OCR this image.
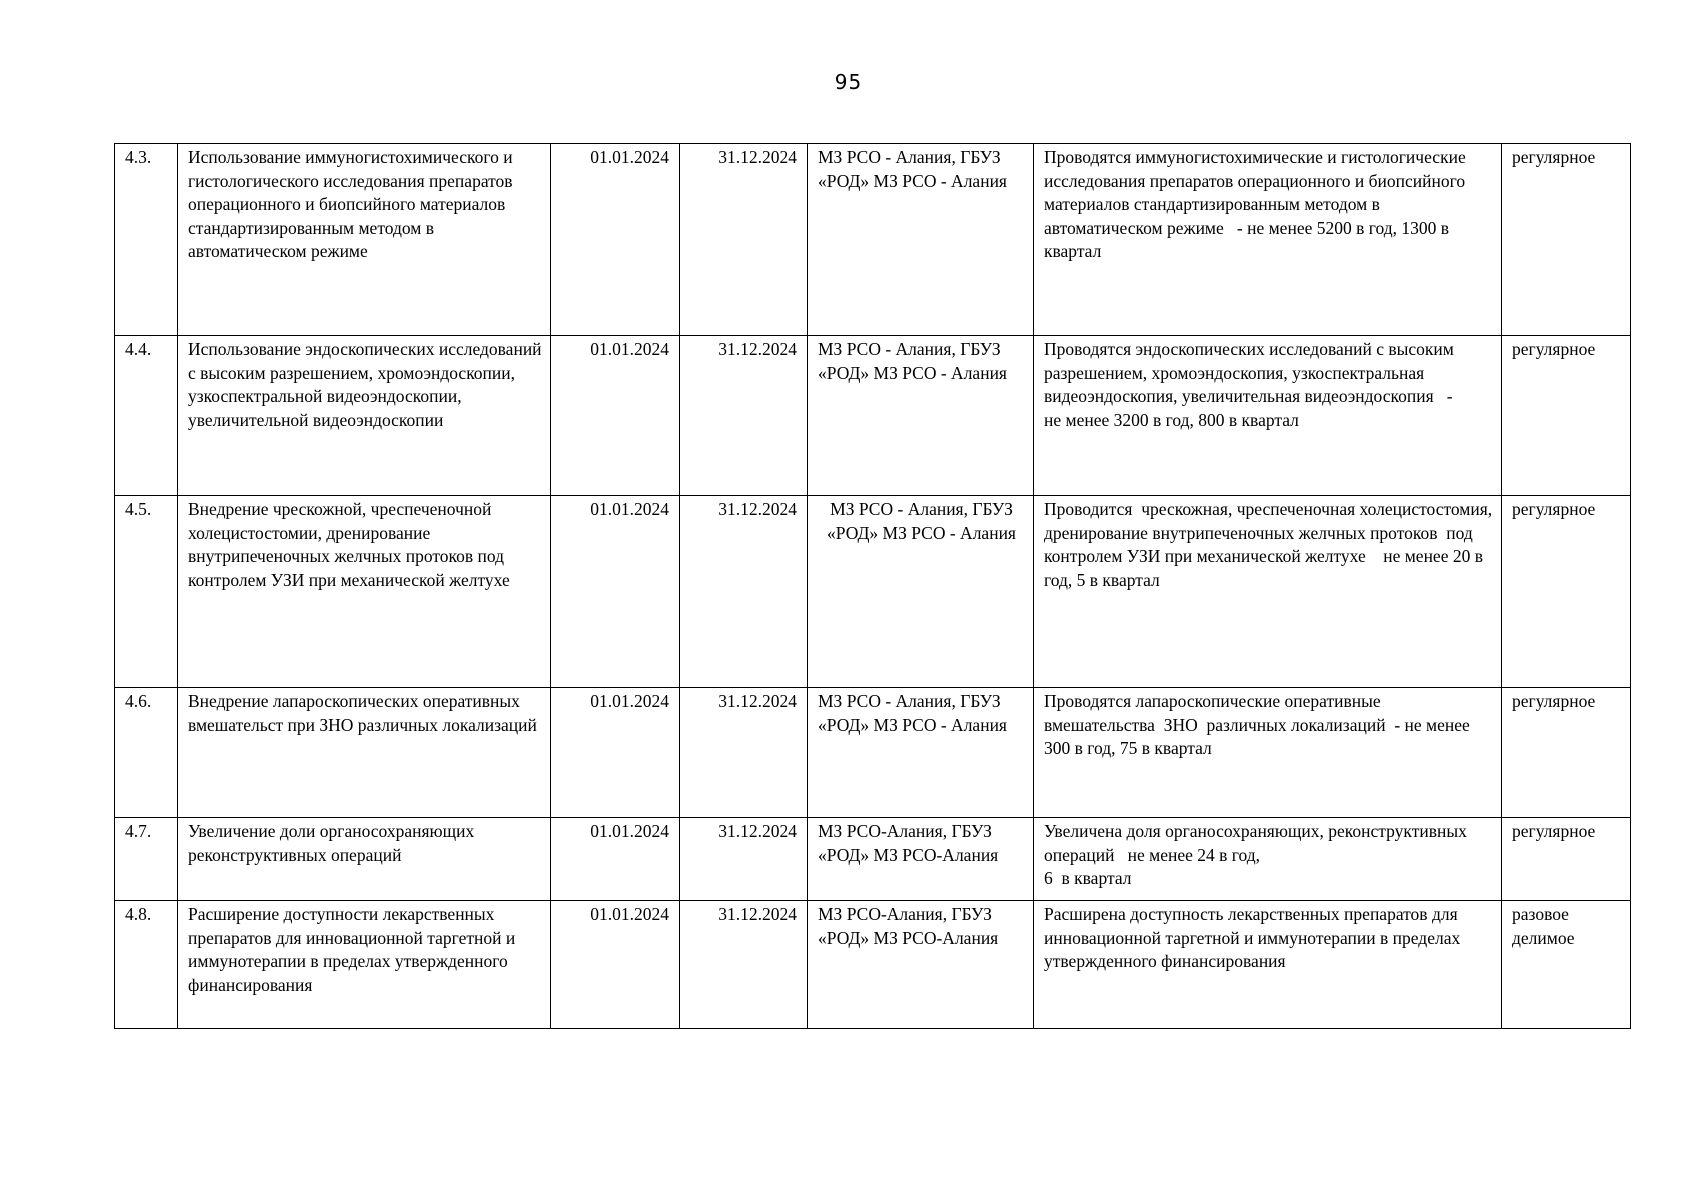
95
4.3.	Использование иммуногистохимического и гистологического исследования препаратов операционного и биопсийного материалов стандартизированным методом в автоматическом режиме	01.01.2024	31.12.2024	МЗ РСО - Алания, ГБУЗ «РОД» МЗ РСО - Алания	Проводятся иммуногистохимические и гистологические исследования препаратов операционного и биопсийного материалов стандартизированным методом в автоматическом режиме   - не менее 5200 в год, 1300 в квартал	регулярное
4.4.	Использование эндоскопических исследований с высоким разрешением, хромоэндоскопии, узкоспектральной видеоэндоскопии, увеличительной видеоэндоскопии	01.01.2024	31.12.2024	МЗ РСО - Алания, ГБУЗ «РОД» МЗ РСО - Алания	Проводятся эндоскопических исследований с высоким разрешением, хромоэндоскопия, узкоспектральная видеоэндоскопия, увеличительная видеоэндоскопия   -
не менее 3200 в год, 800 в квартал	регулярное
4.5.	Внедрение чрескожной, чреспеченочной холецистостомии, дренирование внутрипеченочных желчных протоков под контролем УЗИ при механической желтухе	01.01.2024	31.12.2024	МЗ РСО - Алания, ГБУЗ «РОД» МЗ РСО - Алания	Проводится  чрескожная, чреспеченочная холецистостомия, дренирование внутрипеченочных желчных протоков  под контролем УЗИ при механической желтухе    не менее 20 в год, 5 в квартал	регулярное
4.6.	Внедрение лапароскопических оперативных вмешательст при ЗНО различных локализаций	01.01.2024	31.12.2024	МЗ РСО - Алания, ГБУЗ «РОД» МЗ РСО - Алания	Проводятся лапароскопические оперативные вмешательства  ЗНО  различных локализаций  - не менее 300 в год, 75 в квартал	регулярное
4.7.	Увеличение доли органосохраняющих реконструктивных операций	01.01.2024	31.12.2024	МЗ РСО-Алания, ГБУЗ «РОД» МЗ РСО-Алания	Увеличена доля органосохраняющих, реконструктивных   операций   не менее 24 в год,
6  в квартал	регулярное
4.8.	Расширение доступности лекарственных препаратов для инновационной таргетной и иммунотерапии в пределах утвержденного финансирования	01.01.2024	31.12.2024	МЗ РСО-Алания, ГБУЗ «РОД» МЗ РСО-Алания	Расширена доступность лекарственных препаратов для инновационной таргетной и иммунотерапии в пределах утвержденного финансирования	разовое делимое
